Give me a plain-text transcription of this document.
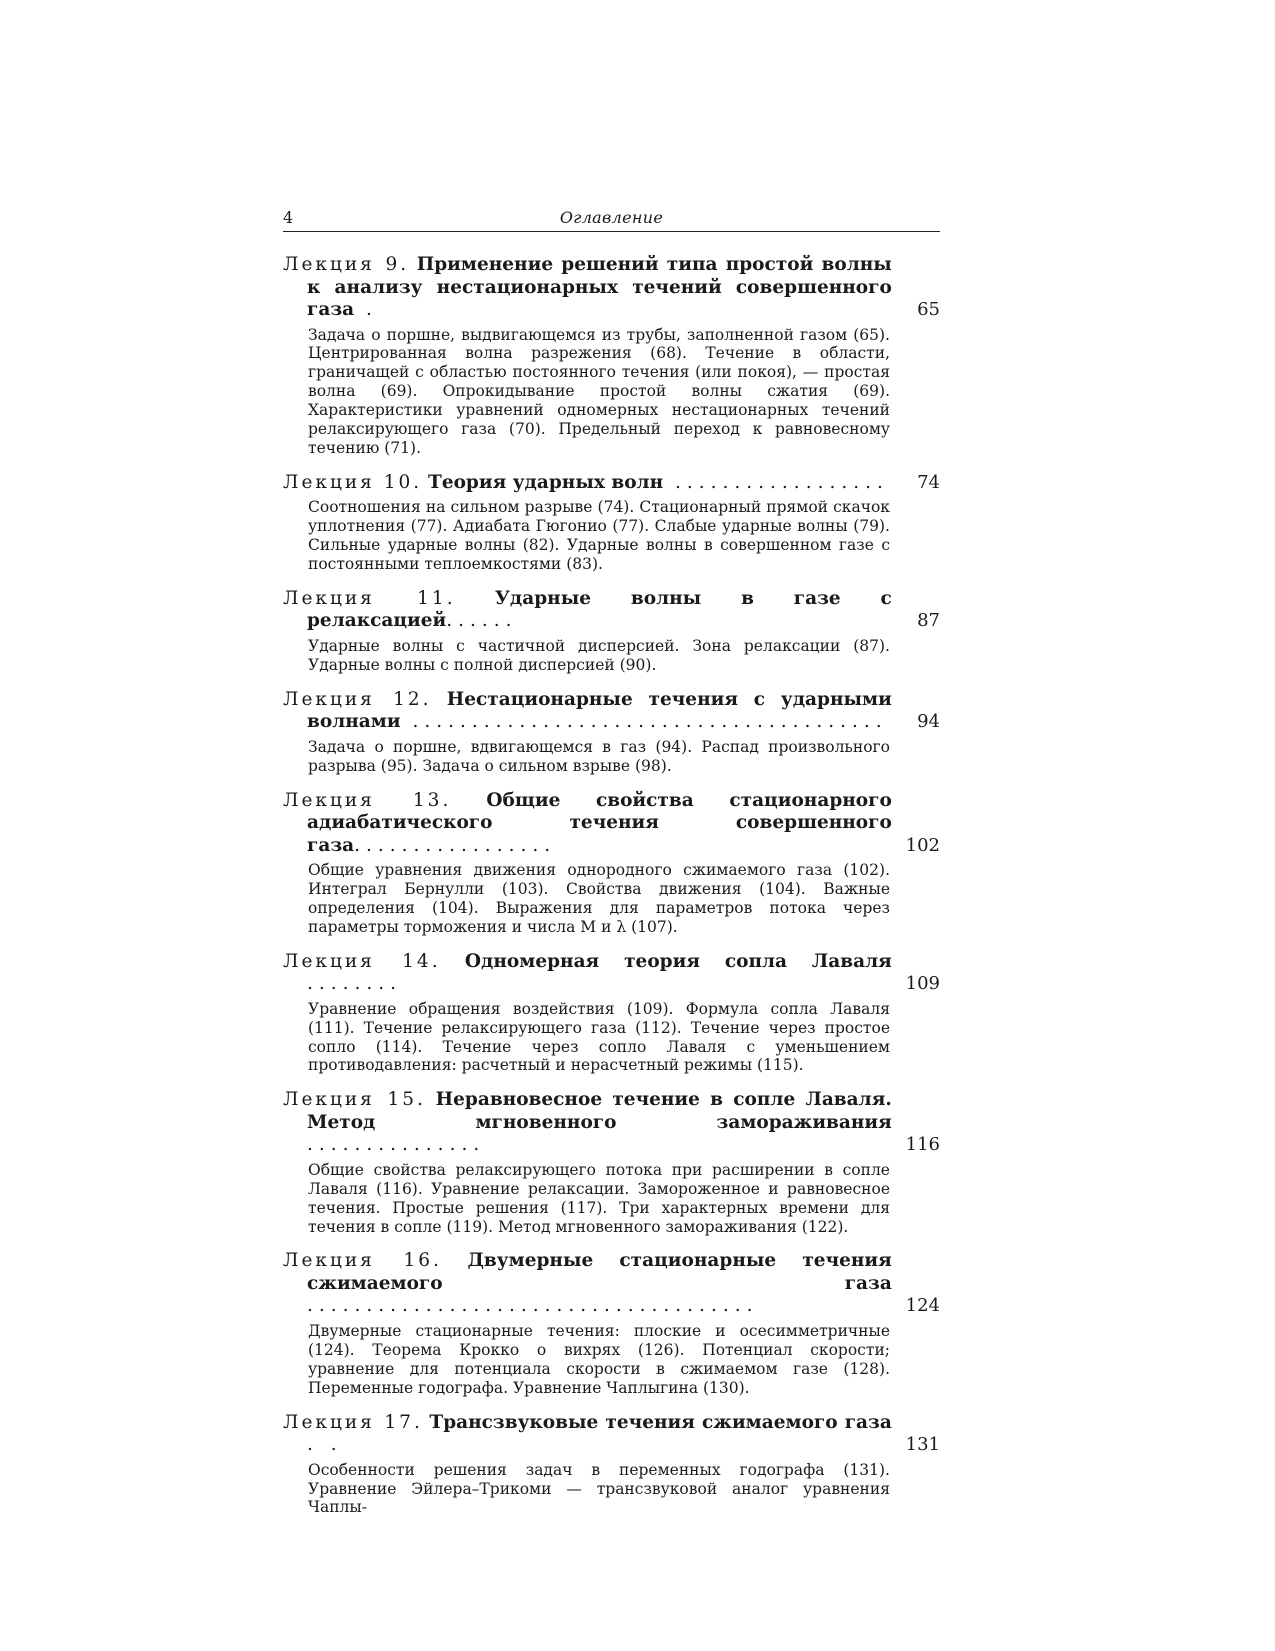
4	Оглавление
Лекция 9. Применение решений типа простой волны к анализу нестационарных течений совершенного газа .	65
Задача о поршне, выдвигающемся из трубы, заполненной газом (65). Центрированная волна разрежения (68). Течение в области, граничащей с областью постоянного течения (или покоя), — простая волна (69). Опрокидывание простой волны сжатия (69). Характеристики уравнений одномерных нестационарных течений релаксирующего газа (70). Предельный переход к равновесному течению (71).
Лекция 10. Теория ударных волн ..................	74
Соотношения на сильном разрыве (74). Стационарный прямой скачок уплотнения (77). Адиабата Гюгонио (77). Слабые ударные волны (79). Сильные ударные волны (82). Ударные волны в совершенном газе с постоянными теплоемкостями (83).
Лекция 11. Ударные волны в газе с релаксацией......	87
Ударные волны с частичной дисперсией. Зона релаксации (87). Ударные волны с полной дисперсией (90).
Лекция 12. Нестационарные течения с ударными волнами ........................................	94
Задача о поршне, вдвигающемся в газ (94). Распад произвольного разрыва (95). Задача о сильном взрыве (98).
Лекция 13. Общие свойства стационарного адиабатического течения совершенного газа.................	102
Общие уравнения движения однородного сжимаемого газа (102). Интеграл Бернулли (103). Свойства движения (104). Важные определения (104). Выражения для параметров потока через параметры торможения и числа М и λ (107).
Лекция 14. Одномерная теория сопла Лаваля ........	109
Уравнение обращения воздействия (109). Формула сопла Лаваля (111). Течение релаксирующего газа (112). Течение через простое сопло (114). Течение через сопло Лаваля с уменьшением противодавления: расчетный и нерасчетный режимы (115).
Лекция 15. Неравновесное течение в сопле Лаваля. Метод мгновенного замораживания ...............	116
Общие свойства релаксирующего потока при расширении в сопле Лаваля (116). Уравнение релаксации. Замороженное и равновесное течения. Простые решения (117). Три характерных времени для течения в сопле (119). Метод мгновенного замораживания (122).
Лекция 16. Двумерные стационарные течения сжимаемого газа ......................................	124
Двумерные стационарные течения: плоские и осесимметричные (124). Теорема Крокко о вихрях (126). Потенциал скорости; уравнение для потенциала скорости в сжимаемом газе (128). Переменные годографа. Уравнение Чаплыгина (130).
Лекция 17. Трансзвуковые течения сжимаемого газа . .	131
Особенности решения задач в переменных годографа (131). Уравнение Эйлера–Трикоми — трансзвуковой аналог уравнения Чаплы-
